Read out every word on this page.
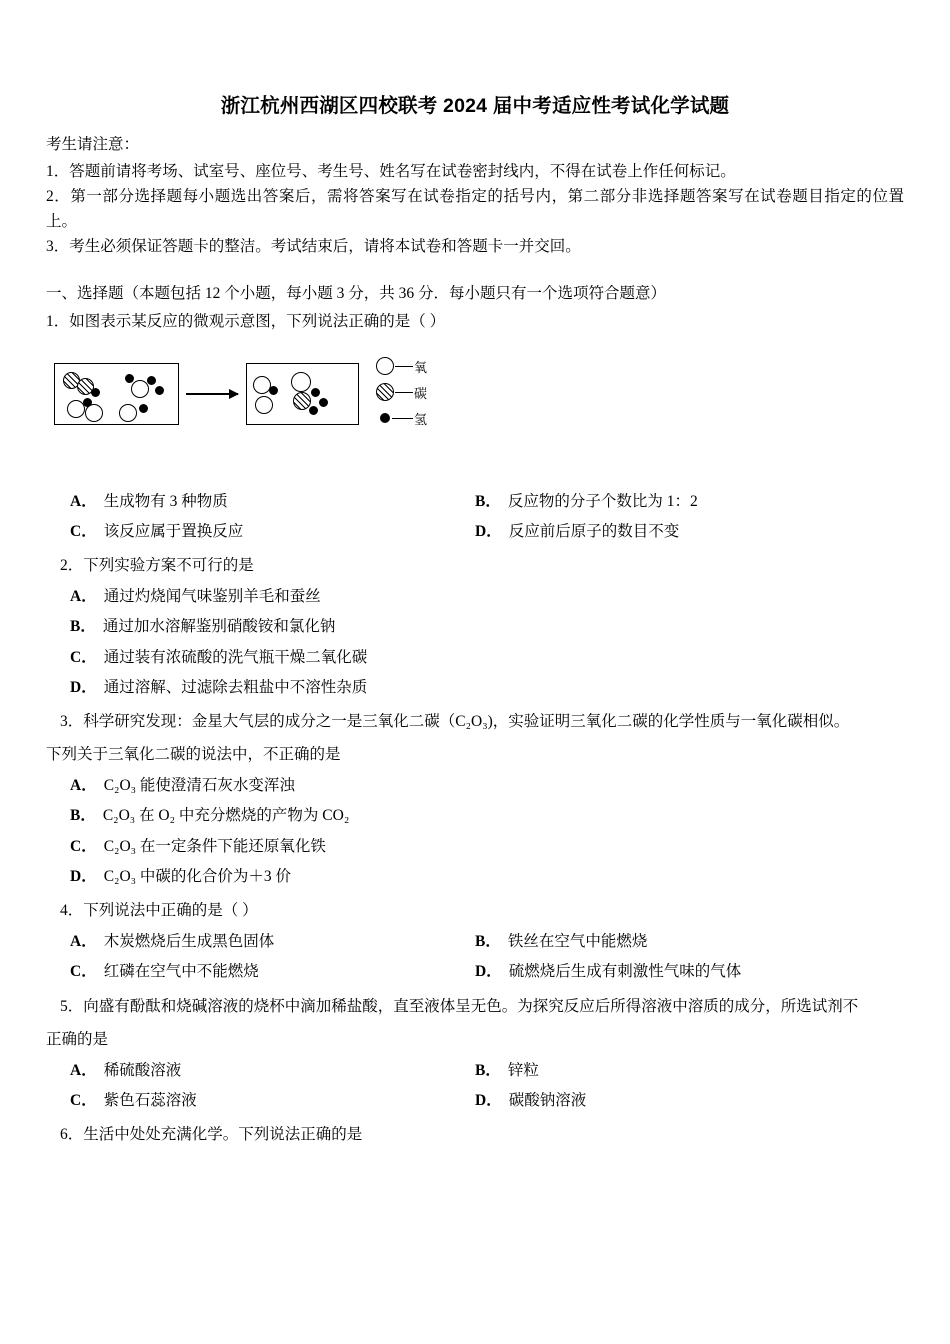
浙江杭州西湖区四校联考 2024 届中考适应性考试化学试题

考生请注意：

1．答题前请将考场、试室号、座位号、考生号、姓名写在试卷密封线内，不得在试卷上作任何标记。

2．第一部分选择题每小题选出答案后，需将答案写在试卷指定的括号内，第二部分非选择题答案写在试卷题目指定的位置上。

3．考生必须保证答题卡的整洁。考试结束后，请将本试卷和答题卡一并交回。

一、选择题（本题包括 12 个小题，每小题 3 分，共 36 分．每小题只有一个选项符合题意）

1．如图表示某反应的微观示意图，下列说法正确的是（ ）

氧
碳
氢
A． 生成物有 3 种物质	B． 反应物的分子个数比为 1：2
C． 该反应属于置换反应	D． 反应前后原子的数目不变

2．下列实验方案不可行的是

A． 通过灼烧闻气味鉴别羊毛和蚕丝
B． 通过加水溶解鉴别硝酸铵和氯化钠
C． 通过装有浓硫酸的洗气瓶干燥二氧化碳
D． 通过溶解、过滤除去粗盐中不溶性杂质

3．科学研究发现：金星大气层的成分之一是三氧化二碳（C₂O₃)，实验证明三氧化二碳的化学性质与一氧化碳相似。

下列关于三氧化二碳的说法中，不正确的是

A． C₂O₃ 能使澄清石灰水变浑浊
B． C₂O₃ 在 O₂ 中充分燃烧的产物为 CO₂
C． C₂O₃ 在一定条件下能还原氧化铁
D． C₂O₃ 中碳的化合价为＋3 价

4．下列说法中正确的是（ ）

A． 木炭燃烧后生成黑色固体	B． 铁丝在空气中能燃烧
C． 红磷在空气中不能燃烧	D． 硫燃烧后生成有刺激性气味的气体

5．向盛有酚酞和烧碱溶液的烧杯中滴加稀盐酸，直至液体呈无色。为探究反应后所得溶液中溶质的成分，所选试剂不

正确的是

A． 稀硫酸溶液	B． 锌粒
C． 紫色石蕊溶液	D． 碳酸钠溶液

6．生活中处处充满化学。下列说法正确的是
